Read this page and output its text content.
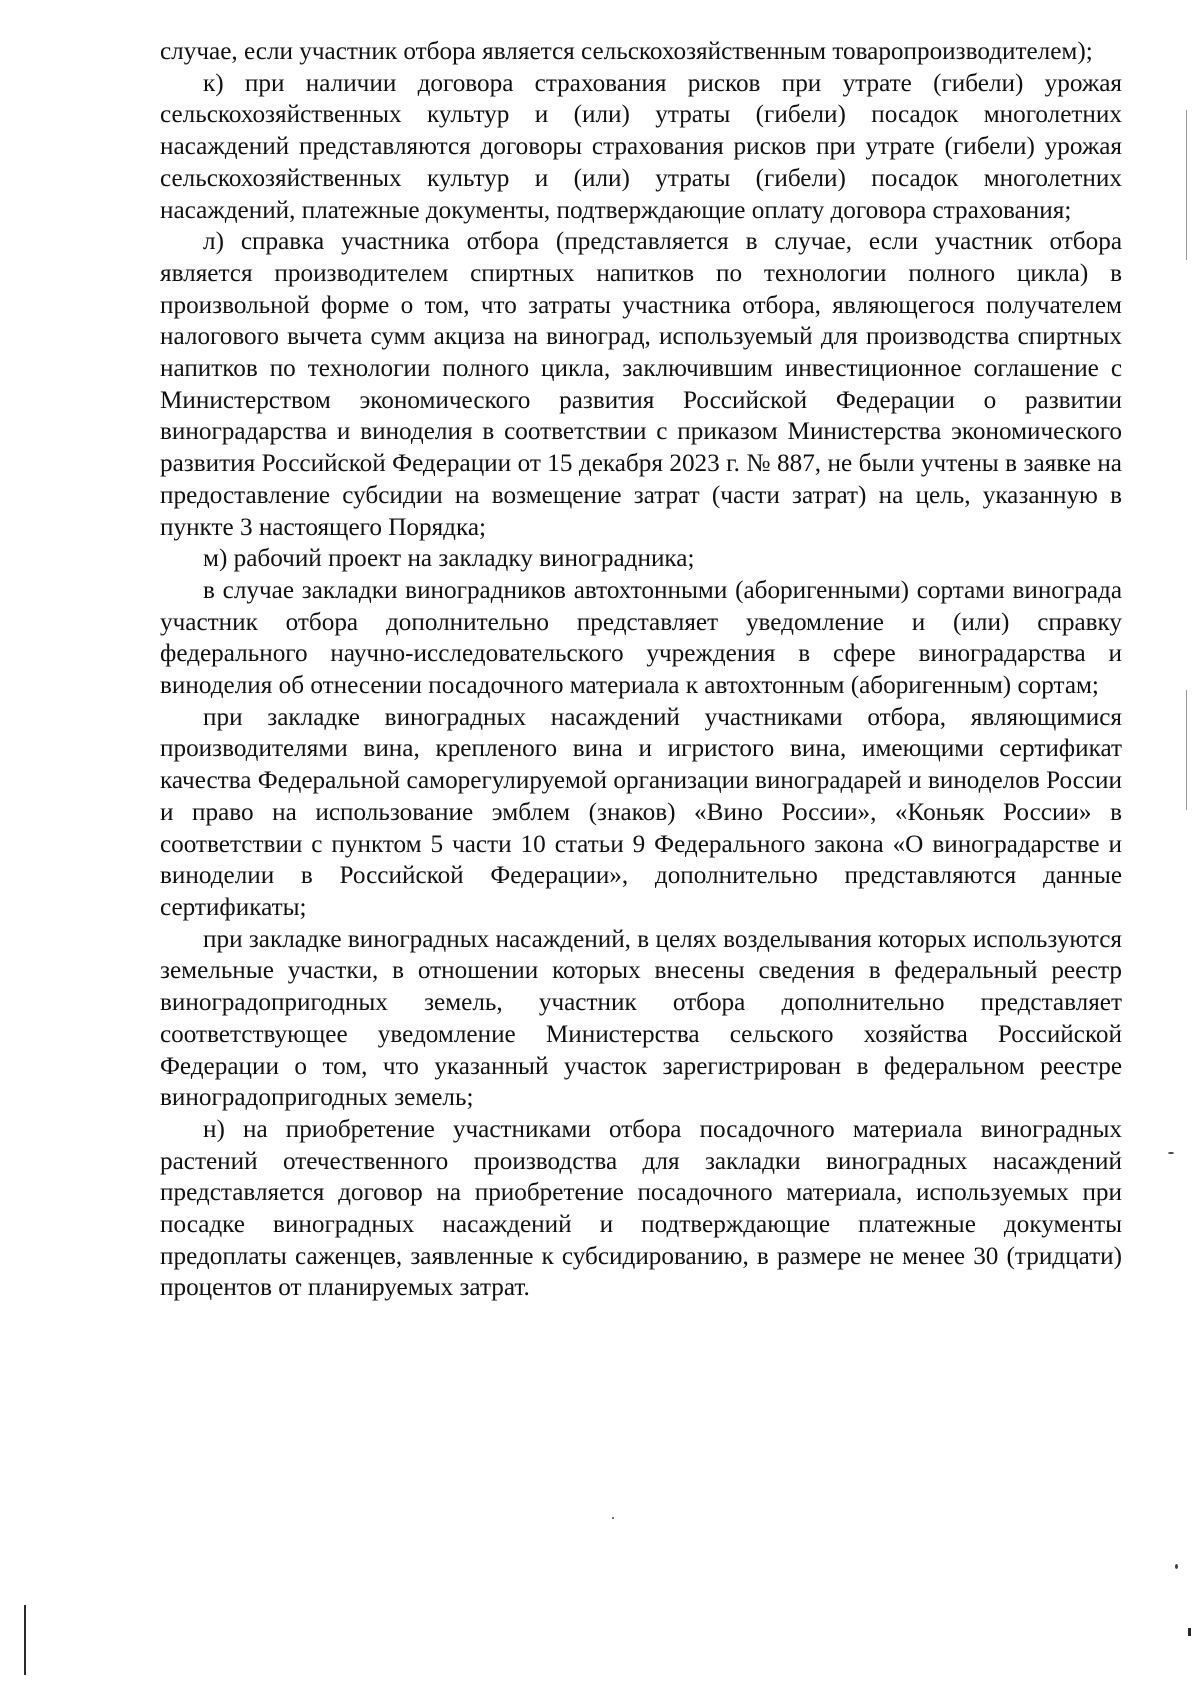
случае, если участник отбора является сельскохозяйственным товаропроизводителем);

к) при наличии договора страхования рисков при утрате (гибели) урожая сельскохозяйственных культур и (или) утраты (гибели) посадок многолетних насаждений представляются договоры страхования рисков при утрате (гибели) урожая сельскохозяйственных культур и (или) утраты (гибели) посадок многолетних насаждений, платежные документы, подтверждающие оплату договора страхования;

л) справка участника отбора (представляется в случае, если участник отбора является производителем спиртных напитков по технологии полного цикла) в произвольной форме о том, что затраты участника отбора, являющегося получателем налогового вычета сумм акциза на виноград, используемый для производства спиртных напитков по технологии полного цикла, заключившим инвестиционное соглашение с Министерством экономического развития Российской Федерации о развитии виноградарства и виноделия в соответствии с приказом Министерства экономического развития Российской Федерации от 15 декабря 2023 г. № 887, не были учтены в заявке на предоставление субсидии на возмещение затрат (части затрат) на цель, указанную в пункте 3 настоящего Порядка;

м) рабочий проект на закладку виноградника;

в случае закладки виноградников автохтонными (аборигенными) сортами винограда участник отбора дополнительно представляет уведомление и (или) справку федерального научно-исследовательского учреждения в сфере виноградарства и виноделия об отнесении посадочного материала к автохтонным (аборигенным) сортам;

при закладке виноградных насаждений участниками отбора, являющимися производителями вина, крепленого вина и игристого вина, имеющими сертификат качества Федеральной саморегулируемой организации виноградарей и виноделов России и право на использование эмблем (знаков) «Вино России», «Коньяк России» в соответствии с пунктом 5 части 10 статьи 9 Федерального закона «О виноградарстве и виноделии в Российской Федерации», дополнительно представляются данные сертификаты;

при закладке виноградных насаждений, в целях возделывания которых используются земельные участки, в отношении которых внесены сведения в федеральный реестр виноградопригодных земель, участник отбора дополнительно представляет соответствующее уведомление Министерства сельского хозяйства Российской Федерации о том, что указанный участок зарегистрирован в федеральном реестре виноградопригодных земель;

н) на приобретение участниками отбора посадочного материала виноградных растений отечественного производства для закладки виноградных насаждений представляется договор на приобретение посадочного материала, используемых при посадке виноградных насаждений и подтверждающие платежные документы предоплаты саженцев, заявленные к субсидированию, в размере не менее 30 (тридцати) процентов от планируемых затрат.
